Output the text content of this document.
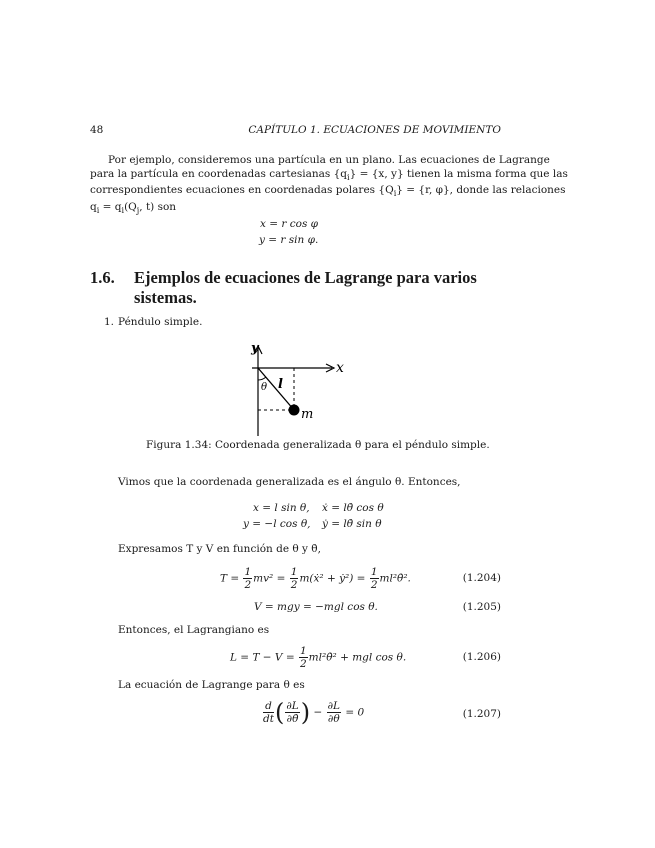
48	CAPÍTULO 1. ECUACIONES DE MOVIMIENTO
Por ejemplo, consideremos una partícula en un plano. Las ecuaciones de Lagrange
para la partícula en coordenadas cartesianas $\{q_i\} = \{x$, y} tienen la misma forma que las
correspondientes ecuaciones en coordenadas polares $\{Q_i\} = \{r$, φ}, donde las relaciones
$q_i = q_i(Q_j$, t) son
x = r cos φ
y = r sin φ.
1.6. Ejemplos de ecuaciones de Lagrange para varios
sistemas.
1. Péndulo simple.
y
x
θ l
m
Figura 1.34: Coordenada generalizada θ para el péndulo simple.
Vimos que la coordenada generalizada es el ángulo θ. Entonces,
x = l sin θ, ẋ = lθ̇ cos θ
y = −l cos θ, ẏ = lθ̇ sin θ
Expresamos T y V en función de θ y θ̇,
$T = \frac{1}{2} mv^2 = \frac{1}{2}$ m(ẋ² + ẏ²) = $\frac{1}{2}$ ml²θ̇².	(1.204)
V = mgy = −mgl cos θ.	(1.205)
Entonces, el Lagrangiano es
$L = T - V = \frac{1}{2}$ ml²θ̇² + mgl cos θ.	(1.206)
La ecuación de Lagrange para θ es
$\frac{d}{dt}$ ( $\frac{\partial L}{\partial\thetȧ}$ ) − $\frac{\partial L}{\partial\theta} = 0$	(1.207)
